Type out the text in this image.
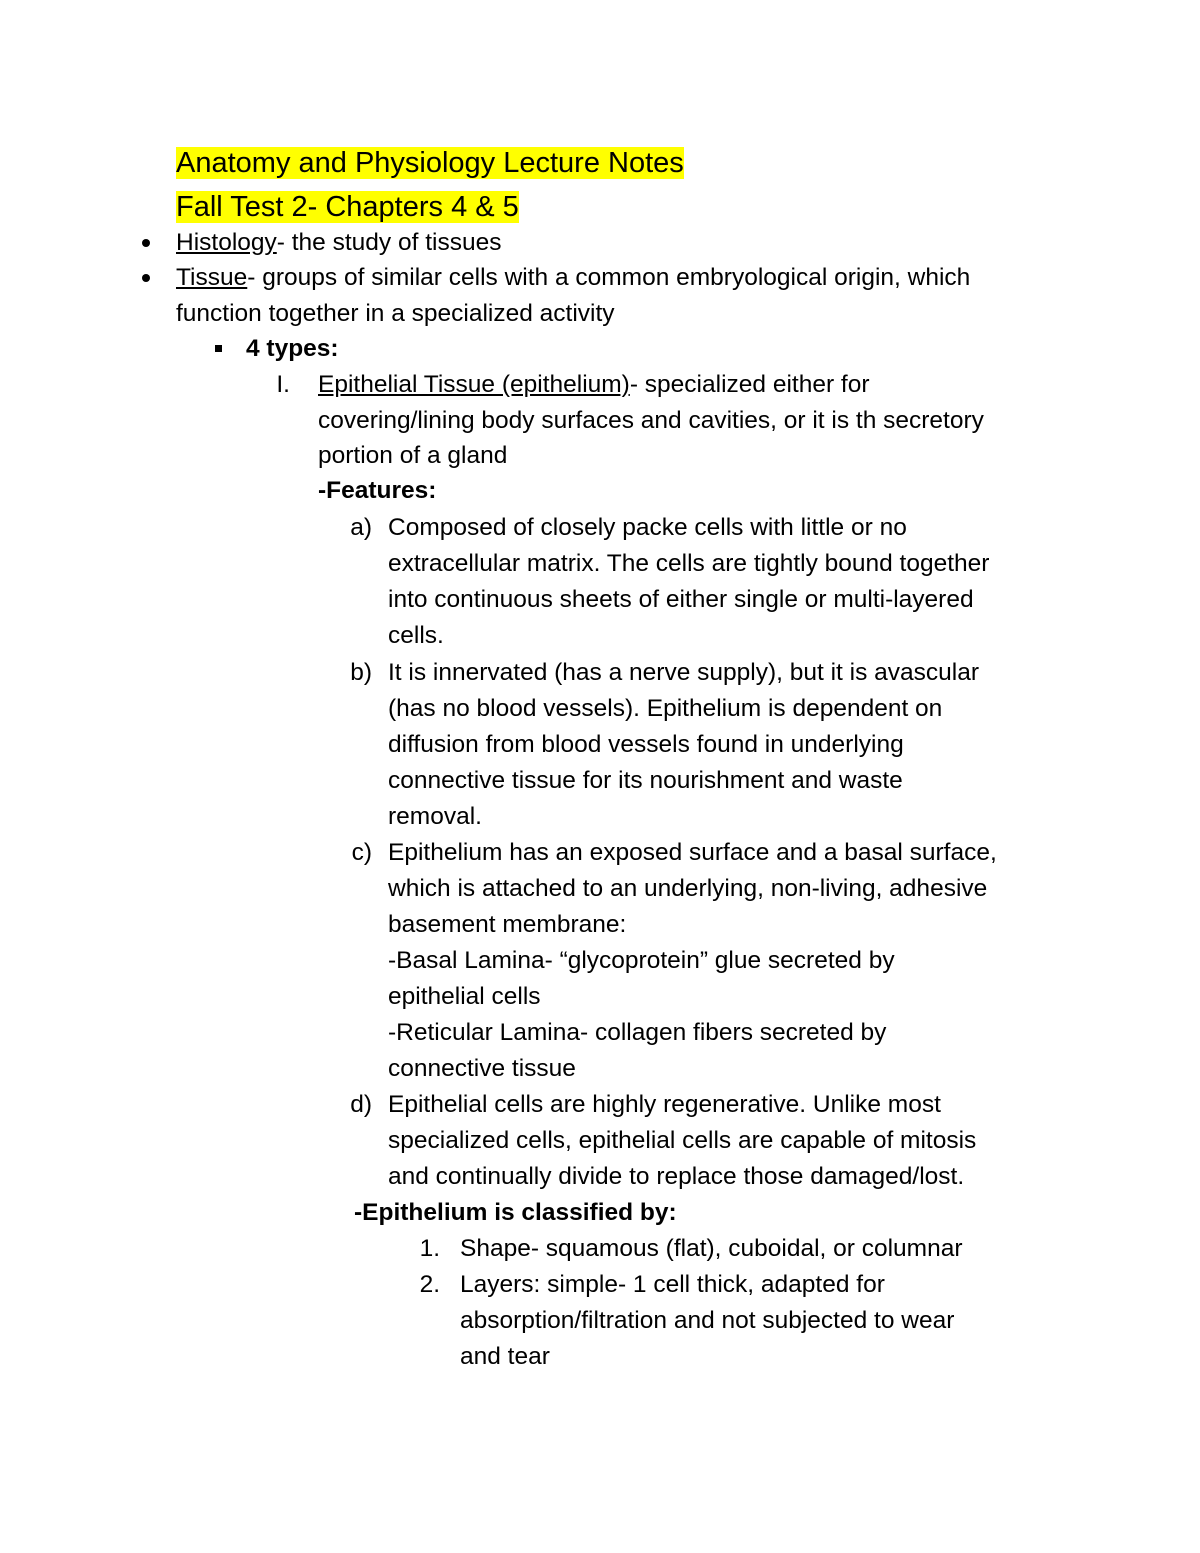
Anatomy and Physiology Lecture Notes
Fall Test 2- Chapters 4 & 5
Histology- the study of tissues
Tissue- groups of similar cells with a common embryological origin, which
function together in a specialized activity
4 types:
I. Epithelial Tissue (epithelium)- specialized either for
covering/lining body surfaces and cavities, or it is th secretory
portion of a gland
-Features:
a) Composed of closely packe cells with little or no
extracellular matrix. The cells are tightly bound together
into continuous sheets of either single or multi-layered
cells.
b) It is innervated (has a nerve supply), but it is avascular
(has no blood vessels). Epithelium is dependent on
diffusion from blood vessels found in underlying
connective tissue for its nourishment and waste
removal.
c) Epithelium has an exposed surface and a basal surface,
which is attached to an underlying, non-living, adhesive
basement membrane:
-Basal Lamina- “glycoprotein” glue secreted by
epithelial cells
-Reticular Lamina- collagen fibers secreted by
connective tissue
d) Epithelial cells are highly regenerative. Unlike most
specialized cells, epithelial cells are capable of mitosis
and continually divide to replace those damaged/lost.
-Epithelium is classified by:
1. Shape- squamous (flat), cuboidal, or columnar
2. Layers: simple- 1 cell thick, adapted for
absorption/filtration and not subjected to wear
and tear
